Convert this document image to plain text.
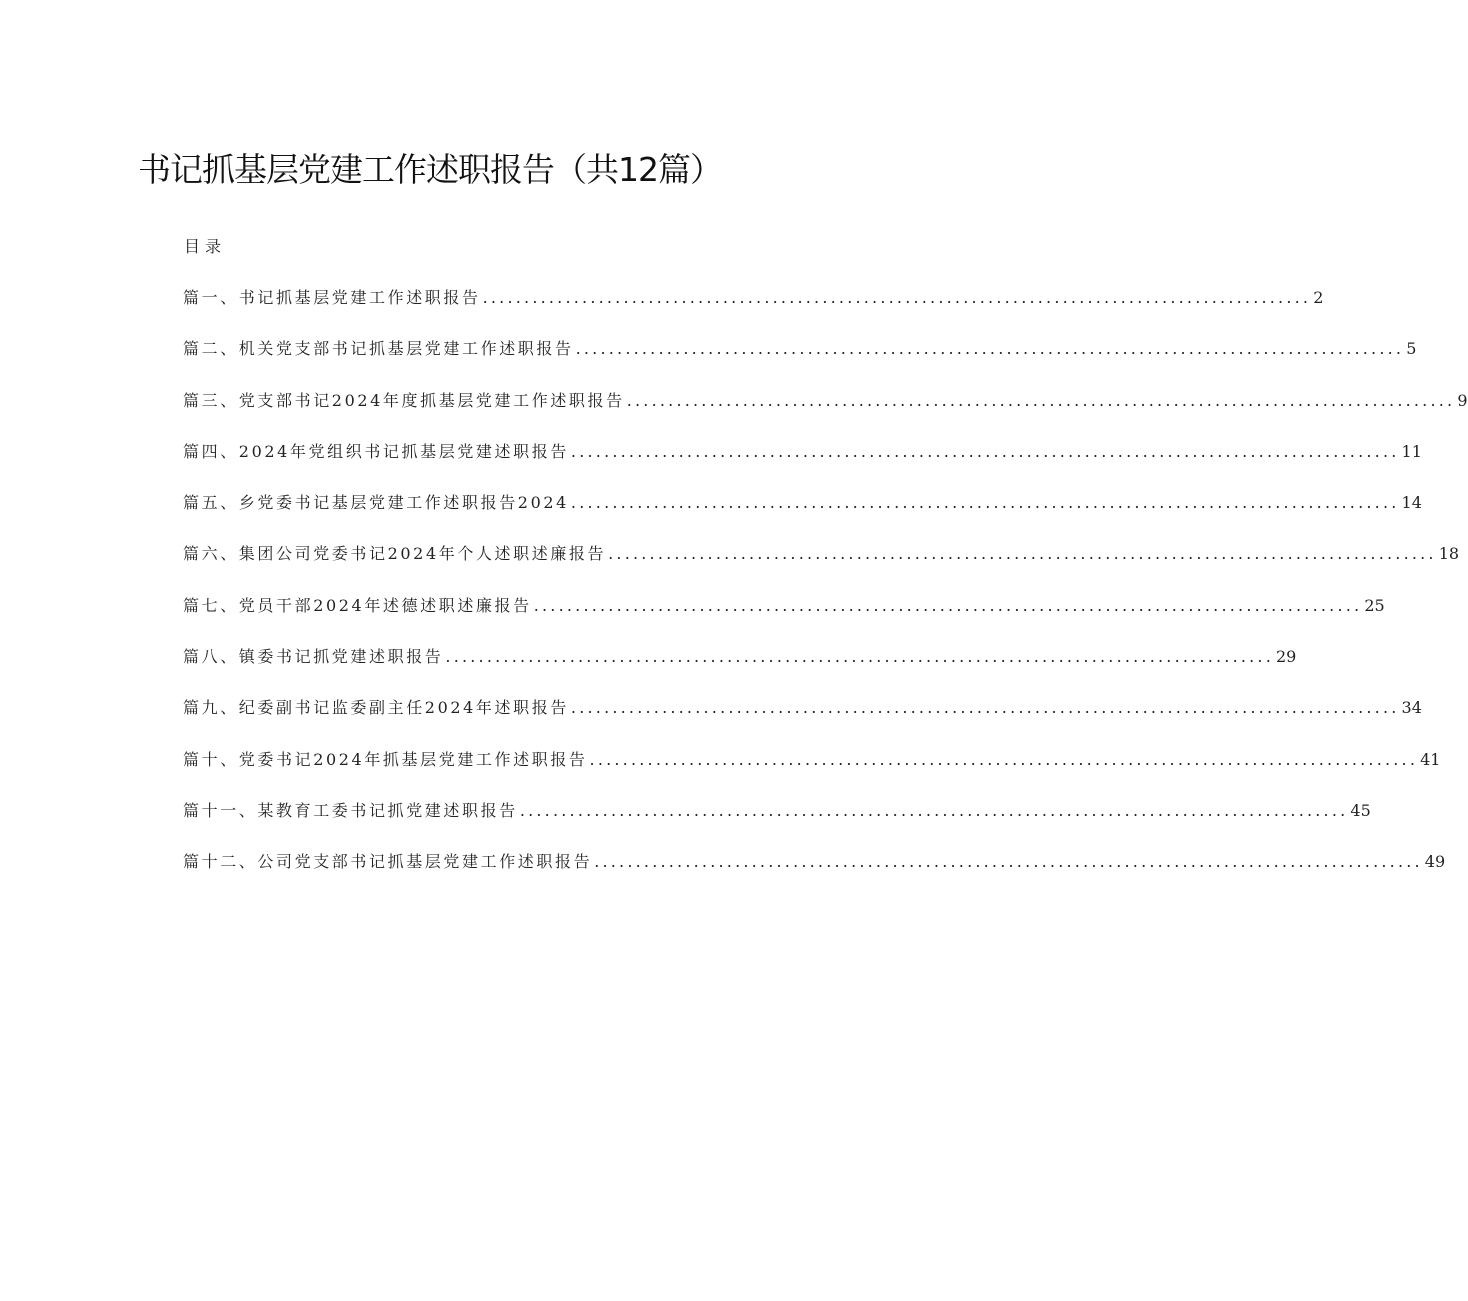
书记抓基层党建工作述职报告（共12篇）
目录
篇一、书记抓基层党建工作述职报告 .................................................................................................... 2
篇二、机关党支部书记抓基层党建工作述职报告 .................................................................................................... 5
篇三、党支部书记2024年度抓基层党建工作述职报告 .................................................................................................... 9
篇四、2024年党组织书记抓基层党建述职报告 .................................................................................................... 11
篇五、乡党委书记基层党建工作述职报告2024 .................................................................................................... 14
篇六、集团公司党委书记2024年个人述职述廉报告 .................................................................................................... 18
篇七、党员干部2024年述德述职述廉报告 .................................................................................................... 25
篇八、镇委书记抓党建述职报告 .................................................................................................... 29
篇九、纪委副书记监委副主任2024年述职报告 .................................................................................................... 34
篇十、党委书记2024年抓基层党建工作述职报告 .................................................................................................... 41
篇十一、某教育工委书记抓党建述职报告 .................................................................................................... 45
篇十二、公司党支部书记抓基层党建工作述职报告 .................................................................................................... 49
